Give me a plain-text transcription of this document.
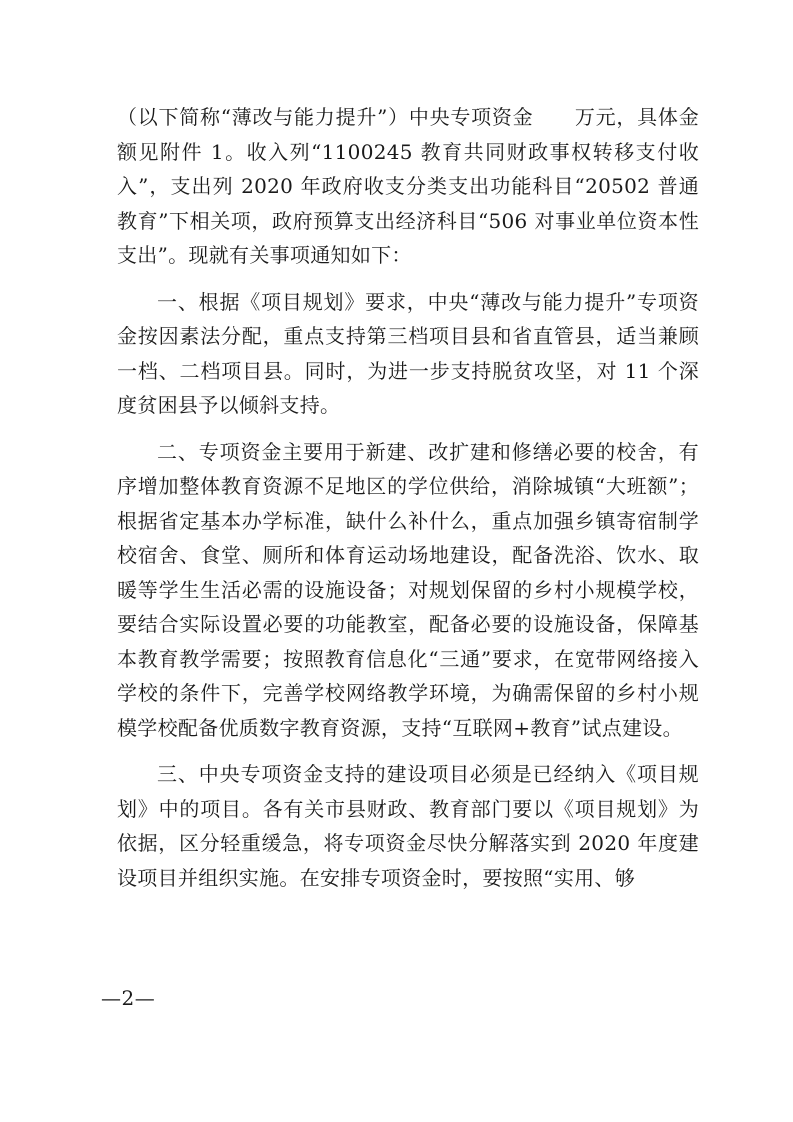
（以下简称“薄改与能力提升”）中央专项资金　　万元，具体金额见附件 1。收入列“1100245 教育共同财政事权转移支付收入”，支出列 2020 年政府收支分类支出功能科目“20502 普通教育”下相关项，政府预算支出经济科目“506 对事业单位资本性支出”。现就有关事项通知如下：

一、根据《项目规划》要求，中央“薄改与能力提升”专项资金按因素法分配，重点支持第三档项目县和省直管县，适当兼顾一档、二档项目县。同时，为进一步支持脱贫攻坚，对 11 个深度贫困县予以倾斜支持。

二、专项资金主要用于新建、改扩建和修缮必要的校舍，有序增加整体教育资源不足地区的学位供给，消除城镇“大班额”；根据省定基本办学标准，缺什么补什么，重点加强乡镇寄宿制学校宿舍、食堂、厕所和体育运动场地建设，配备洗浴、饮水、取暖等学生生活必需的设施设备；对规划保留的乡村小规模学校，要结合实际设置必要的功能教室，配备必要的设施设备，保障基本教育教学需要；按照教育信息化“三通”要求，在宽带网络接入学校的条件下，完善学校网络教学环境，为确需保留的乡村小规模学校配备优质数字教育资源，支持“互联网+教育”试点建设。

三、中央专项资金支持的建设项目必须是已经纳入《项目规划》中的项目。各有关市县财政、教育部门要以《项目规划》为依据，区分轻重缓急，将专项资金尽快分解落实到 2020 年度建设项目并组织实施。在安排专项资金时，要按照“实用、够

—2—
